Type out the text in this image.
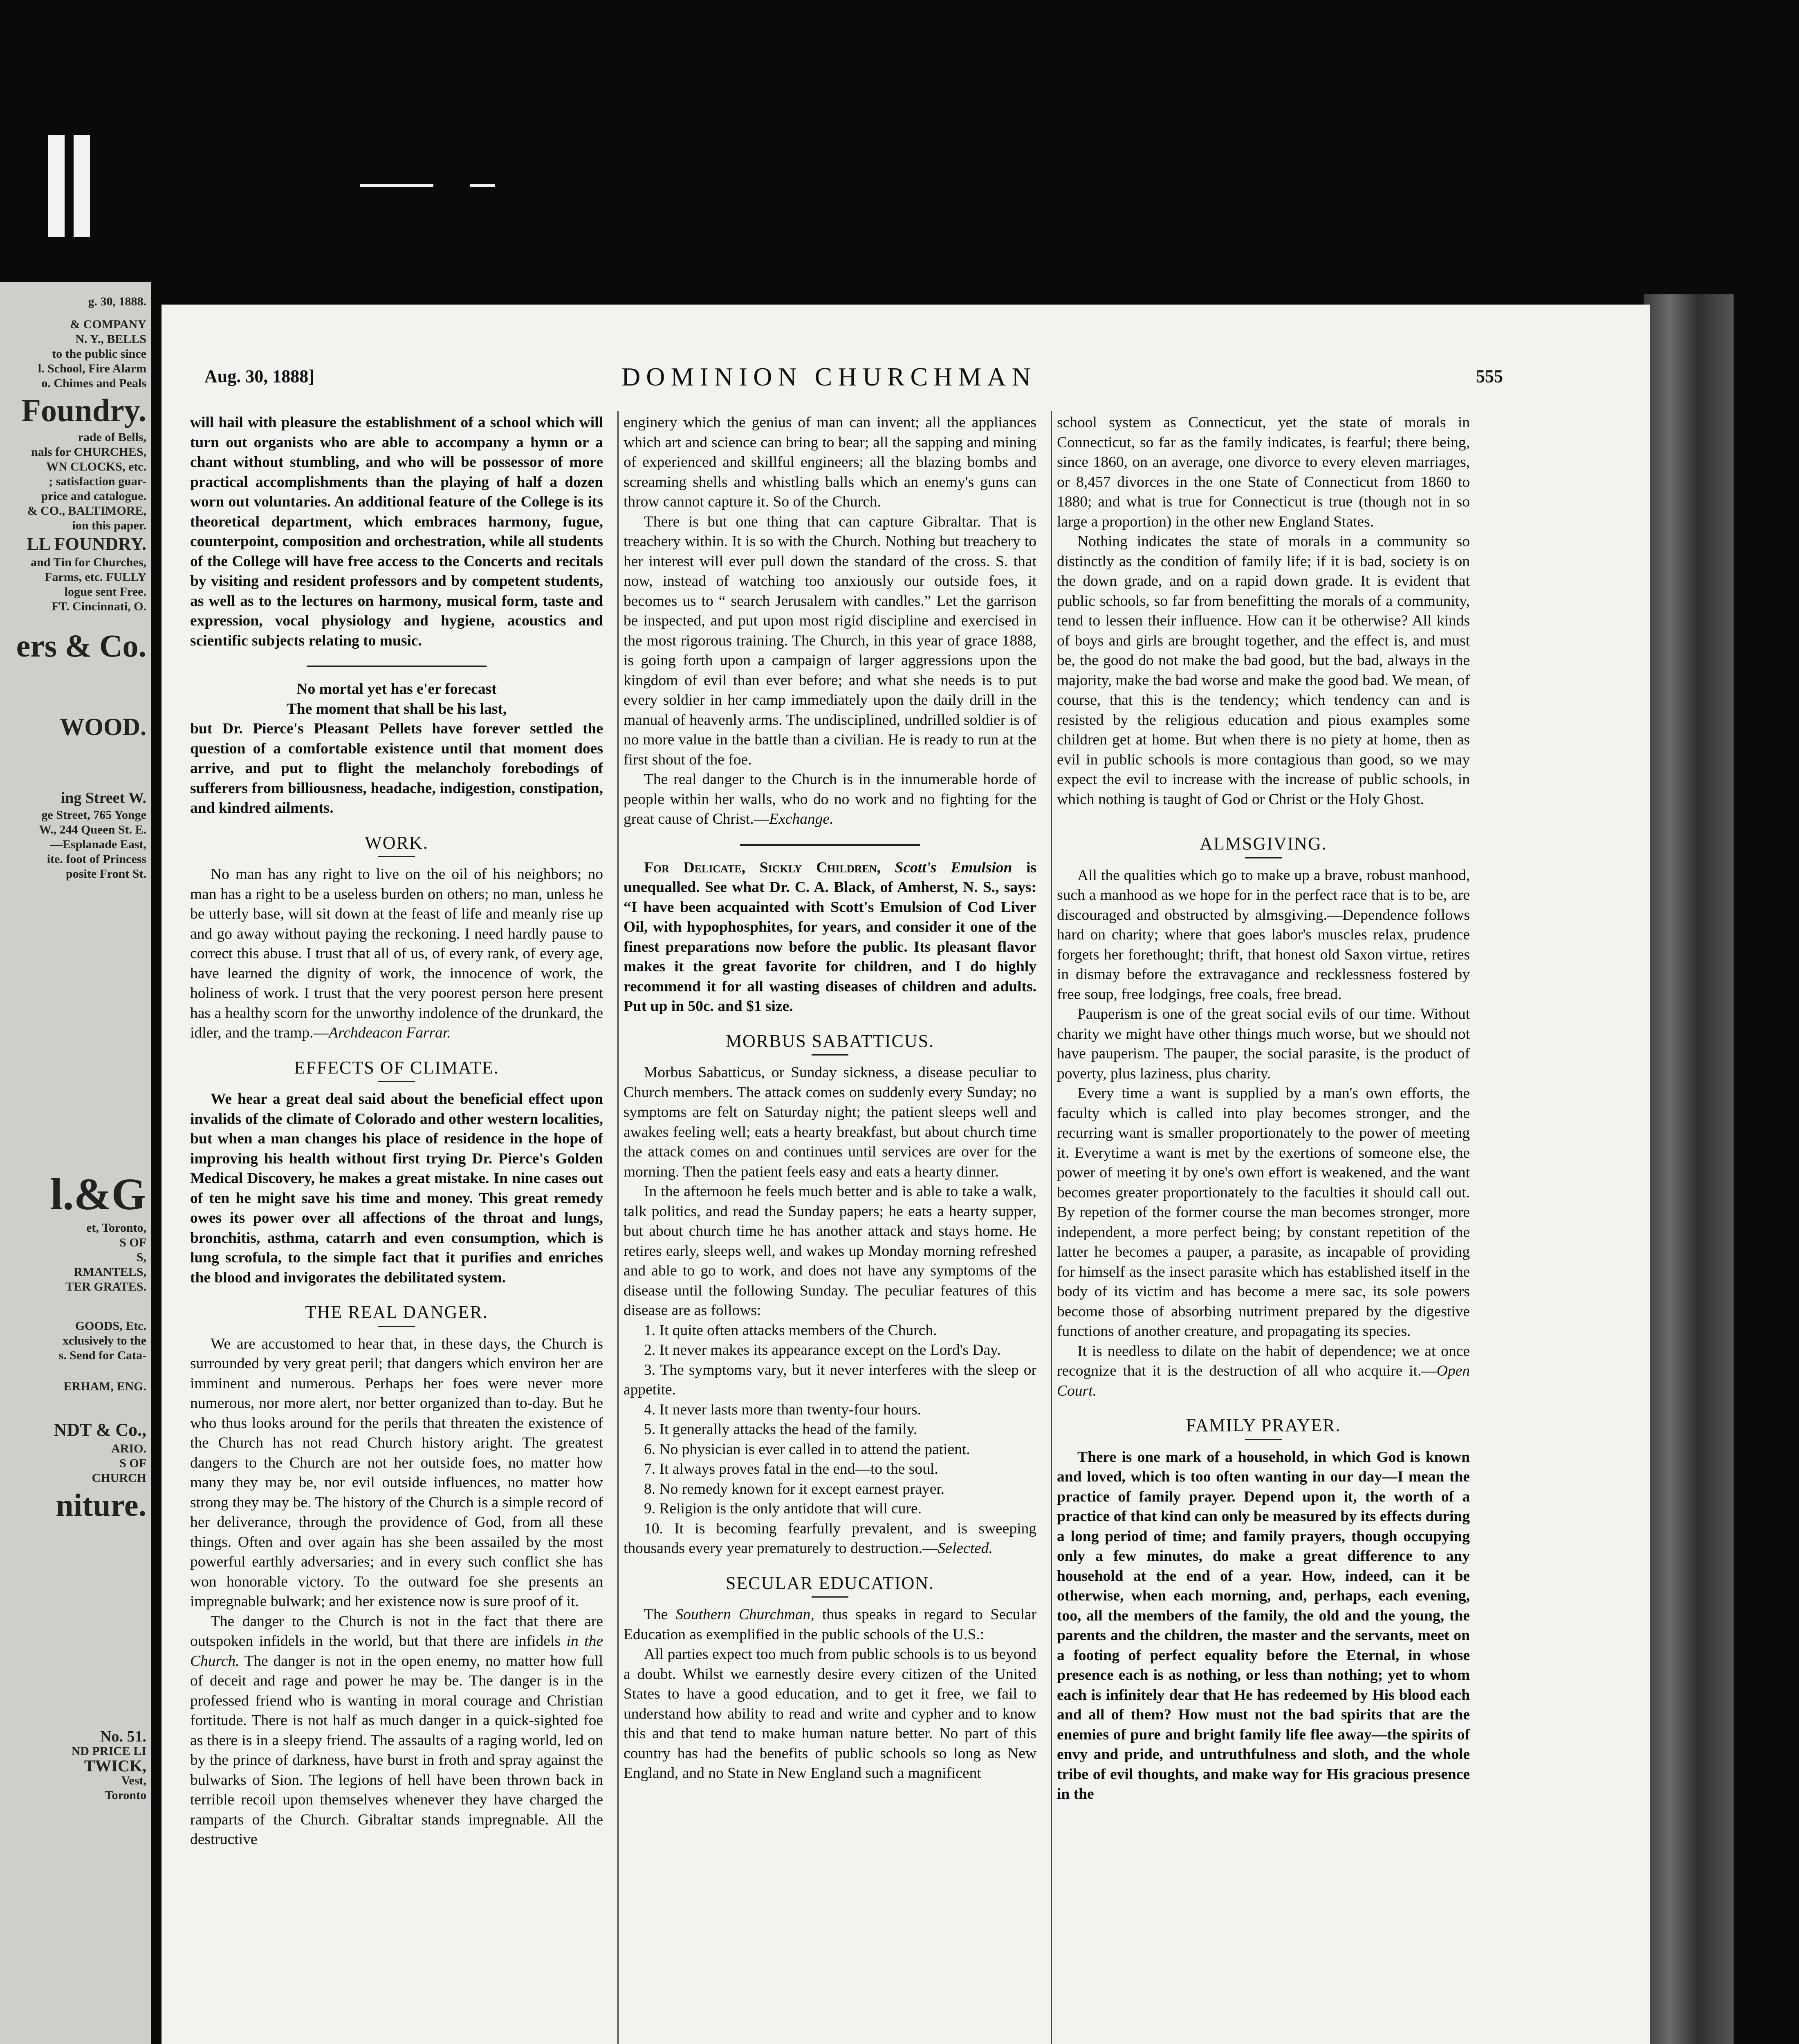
g. 30, 1888.
& COMPANY
N. Y., BELLS
to the public since
l. School, Fire Alarm
o. Chimes and Peals
Foundry.
rade of Bells,
nals for CHURCHES,
WN CLOCKS, etc.
; satisfaction guar-
price and catalogue.
& CO., BALTIMORE,
ion this paper.
LL FOUNDRY.
and Tin for Churches,
Farms, etc. FULLY
logue sent Free.
FT. Cincinnati, O.
ers & Co.
WOOD.
ing Street W.
ge Street, 765 Yonge
W., 244 Queen St. E.
—Esplanade East,
ite. foot of Princess
posite Front St.
l.&G
et, Toronto,
S OF
S,
RMANTELS,
TER GRATES.
GOODS, Etc.
xclusively to the
s. Send for Cata-
ERHAM, ENG.
NDT & Co.,
ARIO.
S OF
CHURCH
niture.
No. 51.
ND PRICE LI
TWICK,
Vest,
Toronto
Aug. 30, 1888]	DOMINION CHURCHMAN	555

will hail with pleasure the establishment of a school which will turn out organists who are able to accompany a hymn or a chant without stumbling, and who will be possessor of more practical accomplishments than the playing of half a dozen worn out voluntaries. An additional feature of the College is its theoretical department, which embraces harmony, fugue, counterpoint, composition and orchestration, while all students of the College will have free access to the Concerts and recitals by visiting and resident professors and by competent students, as well as to the lectures on harmony, musical form, taste and expression, vocal physiology and hygiene, acoustics and scientific subjects relating to music.

No mortal yet has e'er forecast

The moment that shall be his last,

but Dr. Pierce's Pleasant Pellets have forever settled the question of a comfortable existence until that moment does arrive, and put to flight the melancholy forebodings of sufferers from billiousness, headache, indigestion, constipation, and kindred ailments.

WORK.

No man has any right to live on the oil of his neighbors; no man has a right to be a useless burden on others; no man, unless he be utterly base, will sit down at the feast of life and meanly rise up and go away without paying the reckoning. I need hardly pause to correct this abuse. I trust that all of us, of every rank, of every age, have learned the dignity of work, the innocence of work, the holiness of work. I trust that the very poorest person here present has a healthy scorn for the unworthy indolence of the drunkard, the idler, and the tramp.—Archdeacon Farrar.

EFFECTS OF CLIMATE.

We hear a great deal said about the beneficial effect upon invalids of the climate of Colorado and other western localities, but when a man changes his place of residence in the hope of improving his health without first trying Dr. Pierce's Golden Medical Discovery, he makes a great mistake. In nine cases out of ten he might save his time and money. This great remedy owes its power over all affections of the throat and lungs, bronchitis, asthma, catarrh and even consumption, which is lung scrofula, to the simple fact that it purifies and enriches the blood and invigorates the debilitated system.

THE REAL DANGER.

We are accustomed to hear that, in these days, the Church is surrounded by very great peril; that dangers which environ her are imminent and numerous. Perhaps her foes were never more numerous, nor more alert, nor better organized than to-day. But he who thus looks around for the perils that threaten the existence of the Church has not read Church history aright. The greatest dangers to the Church are not her outside foes, no matter how many they may be, nor evil outside influences, no matter how strong they may be. The history of the Church is a simple record of her deliverance, through the providence of God, from all these things. Often and over again has she been assailed by the most powerful earthly adversaries; and in every such conflict she has won honorable victory. To the outward foe she presents an impregnable bulwark; and her existence now is sure proof of it.

The danger to the Church is not in the fact that there are outspoken infidels in the world, but that there are infidels in the Church. The danger is not in the open enemy, no matter how full of deceit and rage and power he may be. The danger is in the professed friend who is wanting in moral courage and Christian fortitude. There is not half as much danger in a quick-sighted foe as there is in a sleepy friend. The assaults of a raging world, led on by the prince of darkness, have burst in froth and spray against the bulwarks of Sion. The legions of hell have been thrown back in terrible recoil upon themselves whenever they have charged the ramparts of the Church. Gibraltar stands impregnable. All the destructive

enginery which the genius of man can invent; all the appliances which art and science can bring to bear; all the sapping and mining of experienced and skillful engineers; all the blazing bombs and screaming shells and whistling balls which an enemy's guns can throw cannot capture it. So of the Church.

There is but one thing that can capture Gibraltar. That is treachery within. It is so with the Church. Nothing but treachery to her interest will ever pull down the standard of the cross. S. that now, instead of watching too anxiously our outside foes, it becomes us to “ search Jerusalem with candles.” Let the garrison be inspected, and put upon most rigid discipline and exercised in the most rigorous training. The Church, in this year of grace 1888, is going forth upon a campaign of larger aggressions upon the kingdom of evil than ever before; and what she needs is to put every soldier in her camp immediately upon the daily drill in the manual of heavenly arms. The undisciplined, undrilled soldier is of no more value in the battle than a civilian. He is ready to run at the first shout of the foe.

The real danger to the Church is in the innumerable horde of people within her walls, who do no work and no fighting for the great cause of Christ.—Exchange.

For Delicate, Sickly Children, Scott's Emulsion is unequalled. See what Dr. C. A. Black, of Amherst, N. S., says: “I have been acquainted with Scott's Emulsion of Cod Liver Oil, with hypophosphites, for years, and consider it one of the finest preparations now before the public. Its pleasant flavor makes it the great favorite for children, and I do highly recommend it for all wasting diseases of children and adults. Put up in 50c. and $1 size.

MORBUS SABATTICUS.

Morbus Sabatticus, or Sunday sickness, a disease peculiar to Church members. The attack comes on suddenly every Sunday; no symptoms are felt on Saturday night; the patient sleeps well and awakes feeling well; eats a hearty breakfast, but about church time the attack comes on and continues until services are over for the morning. Then the patient feels easy and eats a hearty dinner.

In the afternoon he feels much better and is able to take a walk, talk politics, and read the Sunday papers; he eats a hearty supper, but about church time he has another attack and stays home. He retires early, sleeps well, and wakes up Monday morning refreshed and able to go to work, and does not have any symptoms of the disease until the following Sunday. The peculiar features of this disease are as follows:

1. It quite often attacks members of the Church.

2. It never makes its appearance except on the Lord's Day.

3. The symptoms vary, but it never interferes with the sleep or appetite.

4. It never lasts more than twenty-four hours.

5. It generally attacks the head of the family.

6. No physician is ever called in to attend the patient.

7. It always proves fatal in the end—to the soul.

8. No remedy known for it except earnest prayer.

9. Religion is the only antidote that will cure.

10. It is becoming fearfully prevalent, and is sweeping thousands every year prematurely to destruction.—Selected.

SECULAR EDUCATION.

The Southern Churchman, thus speaks in regard to Secular Education as exemplified in the public schools of the U.S.:

All parties expect too much from public schools is to us beyond a doubt. Whilst we earnestly desire every citizen of the United States to have a good education, and to get it free, we fail to understand how ability to read and write and cypher and to know this and that tend to make human nature better. No part of this country has had the benefits of public schools so long as New England, and no State in New England such a magnificent

school system as Connecticut, yet the state of morals in Connecticut, so far as the family indicates, is fearful; there being, since 1860, on an average, one divorce to every eleven marriages, or 8,457 divorces in the one State of Connecticut from 1860 to 1880; and what is true for Connecticut is true (though not in so large a proportion) in the other new England States.

Nothing indicates the state of morals in a community so distinctly as the condition of family life; if it is bad, society is on the down grade, and on a rapid down grade. It is evident that public schools, so far from benefitting the morals of a community, tend to lessen their influence. How can it be otherwise? All kinds of boys and girls are brought together, and the effect is, and must be, the good do not make the bad good, but the bad, always in the majority, make the bad worse and make the good bad. We mean, of course, that this is the tendency; which tendency can and is resisted by the religious education and pious examples some children get at home. But when there is no piety at home, then as evil in public schools is more contagious than good, so we may expect the evil to increase with the increase of public schools, in which nothing is taught of God or Christ or the Holy Ghost.

ALMSGIVING.

All the qualities which go to make up a brave, robust manhood, such a manhood as we hope for in the perfect race that is to be, are discouraged and obstructed by almsgiving.—Dependence follows hard on charity; where that goes labor's muscles relax, prudence forgets her forethought; thrift, that honest old Saxon virtue, retires in dismay before the extravagance and recklessness fostered by free soup, free lodgings, free coals, free bread.

Pauperism is one of the great social evils of our time. Without charity we might have other things much worse, but we should not have pauperism. The pauper, the social parasite, is the product of poverty, plus laziness, plus charity.

Every time a want is supplied by a man's own efforts, the faculty which is called into play becomes stronger, and the recurring want is smaller proportionately to the power of meeting it. Everytime a want is met by the exertions of someone else, the power of meeting it by one's own effort is weakened, and the want becomes greater proportionately to the faculties it should call out. By repetion of the former course the man becomes stronger, more independent, a more perfect being; by constant repetition of the latter he becomes a pauper, a parasite, as incapable of providing for himself as the insect parasite which has established itself in the body of its victim and has become a mere sac, its sole powers become those of absorbing nutriment prepared by the digestive functions of another creature, and propagating its species.

It is needless to dilate on the habit of dependence; we at once recognize that it is the destruction of all who acquire it.—Open Court.

FAMILY PRAYER.

There is one mark of a household, in which God is known and loved, which is too often wanting in our day—I mean the practice of family prayer. Depend upon it, the worth of a practice of that kind can only be measured by its effects during a long period of time; and family prayers, though occupying only a few minutes, do make a great difference to any household at the end of a year. How, indeed, can it be otherwise, when each morning, and, perhaps, each evening, too, all the members of the family, the old and the young, the parents and the children, the master and the servants, meet on a footing of perfect equality before the Eternal, in whose presence each is as nothing, or less than nothing; yet to whom each is infinitely dear that He has redeemed by His blood each and all of them? How must not the bad spirits that are the enemies of pure and bright family life flee away—the spirits of envy and pride, and untruthfulness and sloth, and the whole tribe of evil thoughts, and make way for His gracious presence in the
